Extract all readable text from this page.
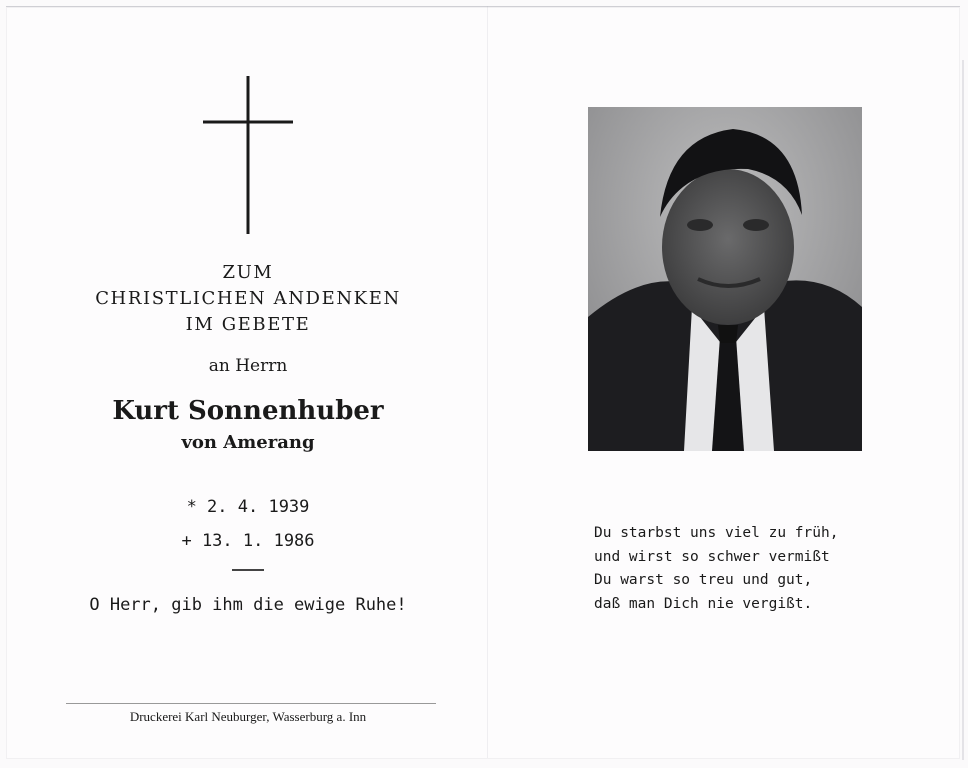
ZUM
CHRISTLICHEN ANDENKEN
IM GEBETE
an Herrn
Kurt Sonnenhuber
von Amerang
* 2. 4. 1939
+ 13. 1. 1986
O Herr, gib ihm die ewige Ruhe!
Druckerei Karl Neuburger, Wasserburg a. Inn
Du starbst uns viel zu früh,
und wirst so schwer vermißt
Du warst so treu und gut,
daß man Dich nie vergißt.
